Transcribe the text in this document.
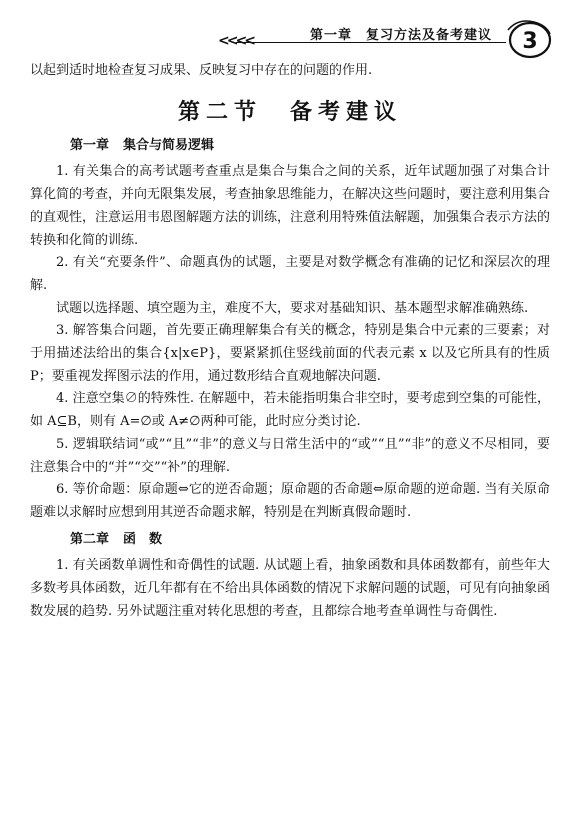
<<<<	第一章　复习方法及备考建议 3

以起到适时地检查复习成果、反映复习中存在的问题的作用.

第二节　备考建议
第一章 集合与简易逻辑

1. 有关集合的高考试题考查重点是集合与集合之间的关系，近年试题加强了对集合计算化简的考查，并向无限集发展，考查抽象思维能力，在解决这些问题时，要注意利用集合的直观性，注意运用韦恩图解题方法的训练，注意利用特殊值法解题，加强集合表示方法的转换和化简的训练.

2. 有关“充要条件”、命题真伪的试题，主要是对数学概念有准确的记忆和深层次的理解.

试题以选择题、填空题为主，难度不大，要求对基础知识、基本题型求解准确熟练.

3. 解答集合问题，首先要正确理解集合有关的概念，特别是集合中元素的三要素；对于用描述法给出的集合{x|x∈P}，要紧紧抓住竖线前面的代表元素 x 以及它所具有的性质 P；要重视发挥图示法的作用，通过数形结合直观地解决问题.

4. 注意空集∅的特殊性. 在解题中，若未能指明集合非空时，要考虑到空集的可能性，如 A⊆B，则有 A=∅或 A≠∅两种可能，此时应分类讨论.

5. 逻辑联结词“或”“且”“非”的意义与日常生活中的“或”“且”“非”的意义不尽相同，要注意集合中的“并”“交”“补”的理解.

6. 等价命题：原命题⇔它的逆否命题；原命题的否命题⇔原命题的逆命题. 当有关原命题难以求解时应想到用其逆否命题求解，特别是在判断真假命题时.

第二章 函　数

1. 有关函数单调性和奇偶性的试题. 从试题上看，抽象函数和具体函数都有，前些年大多数考具体函数，近几年都有在不给出具体函数的情况下求解问题的试题，可见有向抽象函数发展的趋势. 另外试题注重对转化思想的考查，且都综合地考查单调性与奇偶性.
